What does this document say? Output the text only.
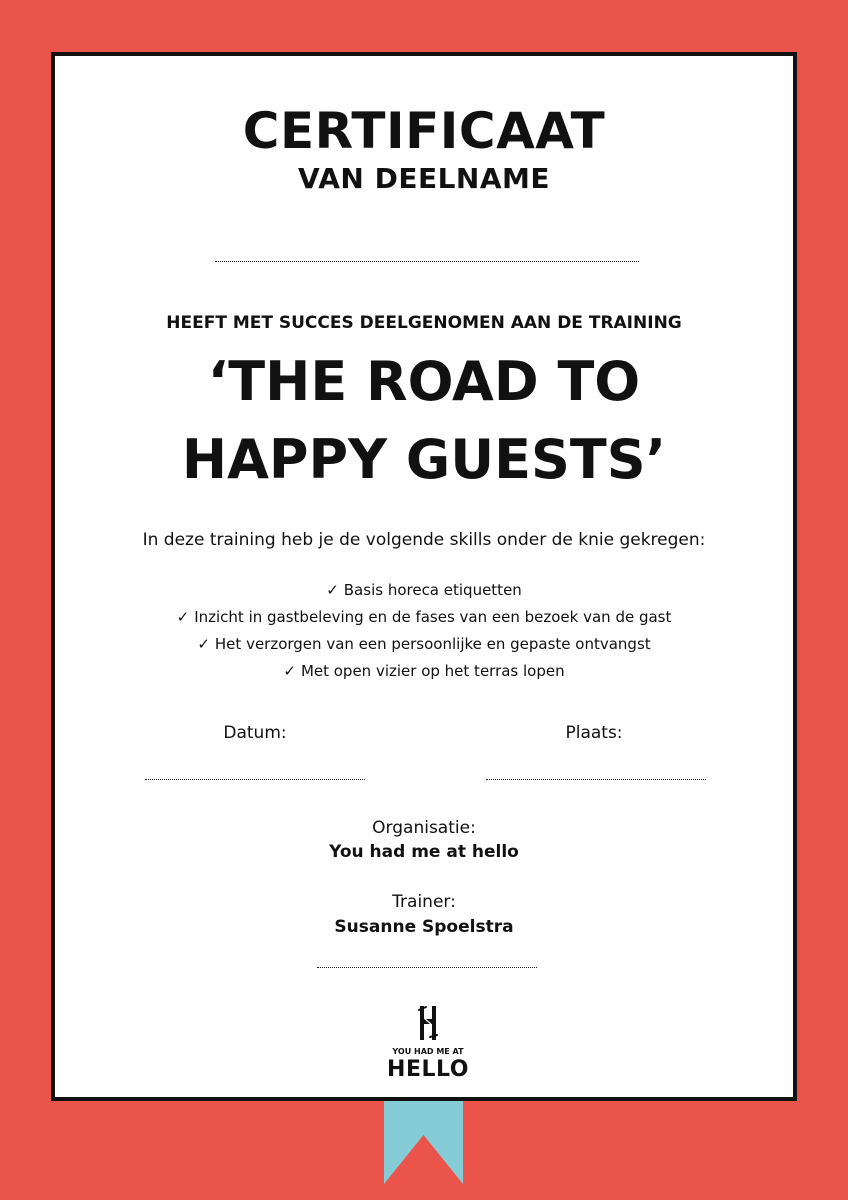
CERTIFICAAT
VAN DEELNAME
HEEFT MET SUCCES DEELGENOMEN AAN DE TRAINING
‘THE ROAD TO
HAPPY GUESTS’
In deze training heb je de volgende skills onder de knie gekregen:
✓ Basis horeca etiquetten
✓ Inzicht in gastbeleving en de fases van een bezoek van de gast
✓ Het verzorgen van een persoonlijke en gepaste ontvangst
✓ Met open vizier op het terras lopen
Datum:	Plaats:
Organisatie:
You had me at hello
Trainer:
Susanne Spoelstra
YOU HAD ME AT
HELLO
